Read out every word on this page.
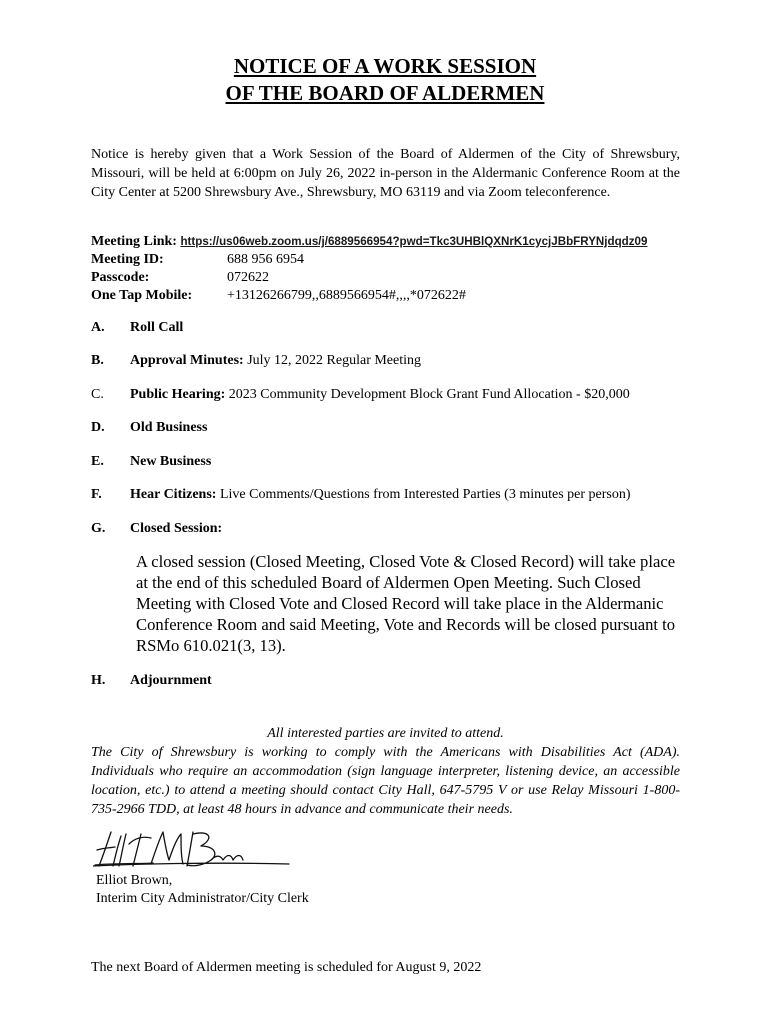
NOTICE OF A WORK SESSION
OF THE BOARD OF ALDERMEN
Notice is hereby given that a Work Session of the Board of Aldermen of the City of Shrewsbury, Missouri, will be held at 6:00pm on July 26, 2022 in-person in the Aldermanic Conference Room at the City Center at 5200 Shrewsbury Ave., Shrewsbury, MO 63119 and via Zoom teleconference.
Meeting Link: https://us06web.zoom.us/j/6889566954?pwd=Tkc3UHBlQXNrK1cycjJBbFRYNjdqdz09
Meeting ID:	688 956 6954
Passcode:	072622
One Tap Mobile: +13126266799,,6889566954#,,,,*072622#
A. Roll Call
B. Approval Minutes: July 12, 2022 Regular Meeting
C. Public Hearing: 2023 Community Development Block Grant Fund Allocation - $20,000
D. Old Business
E. New Business
F. Hear Citizens: Live Comments/Questions from Interested Parties (3 minutes per person)
G. Closed Session:
A closed session (Closed Meeting, Closed Vote & Closed Record) will take place at the end of this scheduled Board of Aldermen Open Meeting. Such Closed Meeting with Closed Vote and Closed Record will take place in the Aldermanic Conference Room and said Meeting, Vote and Records will be closed pursuant to RSMo 610.021(3, 13).
H. Adjournment
All interested parties are invited to attend.
The City of Shrewsbury is working to comply with the Americans with Disabilities Act (ADA). Individuals who require an accommodation (sign language interpreter, listening device, an accessible location, etc.) to attend a meeting should contact City Hall, 647-5795 V or use Relay Missouri 1-800-735-2966 TDD, at least 48 hours in advance and communicate their needs.
Elliot Brown,
Interim City Administrator/City Clerk
The next Board of Aldermen meeting is scheduled for August 9, 2022
